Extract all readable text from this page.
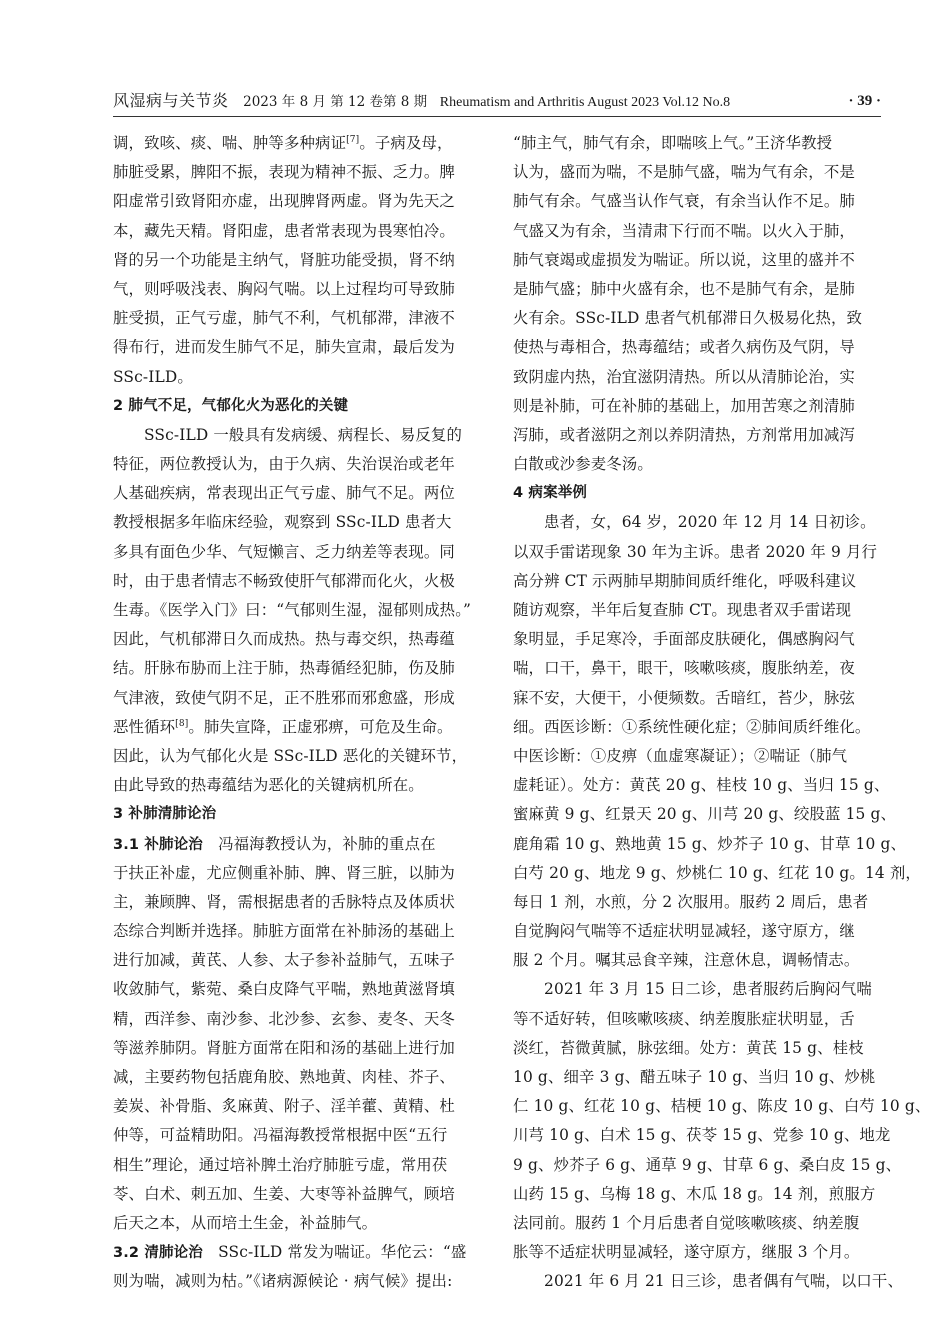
风湿病与关节炎 2023 年 8 月 第 12 卷第 8 期 Rheumatism and Arthritis August 2023 Vol.12 No.8	· 39 ·
调，致咳、痰、喘、肿等多种病证[7]。子病及母，
肺脏受累，脾阳不振，表现为精神不振、乏力。脾
阳虚常引致肾阳亦虚，出现脾肾两虚。肾为先天之
本，藏先天精。肾阳虚，患者常表现为畏寒怕冷。
肾的另一个功能是主纳气，肾脏功能受损，肾不纳
气，则呼吸浅表、胸闷气喘。以上过程均可导致肺
脏受损，正气亏虚，肺气不利，气机郁滞，津液不
得布行，进而发生肺气不足，肺失宣肃，最后发为
SSc-ILD。
2 肺气不足，气郁化火为恶化的关键
SSc-ILD 一般具有发病缓、病程长、易反复的
特征，两位教授认为，由于久病、失治误治或老年
人基础疾病，常表现出正气亏虚、肺气不足。两位
教授根据多年临床经验，观察到 SSc-ILD 患者大
多具有面色少华、气短懒言、乏力纳差等表现。同
时，由于患者情志不畅致使肝气郁滞而化火，火极
生毒。《医学入门》曰：“气郁则生湿，湿郁则成热。”
因此，气机郁滞日久而成热。热与毒交织，热毒蕴
结。肝脉布胁而上注于肺，热毒循经犯肺，伤及肺
气津液，致使气阴不足，正不胜邪而邪愈盛，形成
恶性循环[8]。肺失宣降，正虚邪痹，可危及生命。
因此，认为气郁化火是 SSc-ILD 恶化的关键环节，
由此导致的热毒蕴结为恶化的关键病机所在。
3 补肺清肺论治
3.1 补肺论治 冯福海教授认为，补肺的重点在
于扶正补虚，尤应侧重补肺、脾、肾三脏，以肺为
主，兼顾脾、肾，需根据患者的舌脉特点及体质状
态综合判断并选择。肺脏方面常在补肺汤的基础上
进行加减，黄芪、人参、太子参补益肺气，五味子
收敛肺气，紫菀、桑白皮降气平喘，熟地黄滋肾填
精，西洋参、南沙参、北沙参、玄参、麦冬、天冬
等滋养肺阴。肾脏方面常在阳和汤的基础上进行加
减，主要药物包括鹿角胶、熟地黄、肉桂、芥子、
姜炭、补骨脂、炙麻黄、附子、淫羊藿、黄精、杜
仲等，可益精助阳。冯福海教授常根据中医“五行
相生”理论，通过培补脾土治疗肺脏亏虚，常用茯
苓、白术、刺五加、生姜、大枣等补益脾气，顾培
后天之本，从而培土生金，补益肺气。
3.2 清肺论治 SSc-ILD 常发为喘证。华佗云：“盛
则为喘，减则为枯。”《诸病源候论 · 病气候》提出:
“肺主气，肺气有余，即喘咳上气。”王济华教授
认为，盛而为喘，不是肺气盛，喘为气有余，不是
肺气有余。气盛当认作气衰，有余当认作不足。肺
气盛又为有余，当清肃下行而不喘。以火入于肺，
肺气衰竭或虚损发为喘证。所以说，这里的盛并不
是肺气盛；肺中火盛有余，也不是肺气有余，是肺
火有余。SSc-ILD 患者气机郁滞日久极易化热，致
使热与毒相合，热毒蕴结；或者久病伤及气阴，导
致阴虚内热，治宜滋阴清热。所以从清肺论治，实
则是补肺，可在补肺的基础上，加用苦寒之剂清肺
泻肺，或者滋阴之剂以养阴清热，方剂常用加减泻
白散或沙参麦冬汤。
4 病案举例
患者，女，64 岁，2020 年 12 月 14 日初诊。
以双手雷诺现象 30 年为主诉。患者 2020 年 9 月行
高分辨 CT 示两肺早期肺间质纤维化，呼吸科建议
随访观察，半年后复查肺 CT。现患者双手雷诺现
象明显，手足寒冷，手面部皮肤硬化，偶感胸闷气
喘，口干，鼻干，眼干，咳嗽咳痰，腹胀纳差，夜
寐不安，大便干，小便频数。舌暗红，苔少，脉弦
细。西医诊断：①系统性硬化症；②肺间质纤维化。
中医诊断：①皮痹（血虚寒凝证）；②喘证（肺气
虚耗证）。处方：黄芪 20 g、桂枝 10 g、当归 15 g、
蜜麻黄 9 g、红景天 20 g、川芎 20 g、绞股蓝 15 g、
鹿角霜 10 g、熟地黄 15 g、炒芥子 10 g、甘草 10 g、
白芍 20 g、地龙 9 g、炒桃仁 10 g、红花 10 g。14 剂，
每日 1 剂，水煎，分 2 次服用。服药 2 周后，患者
自觉胸闷气喘等不适症状明显减轻，遂守原方，继
服 2 个月。嘱其忌食辛辣，注意休息，调畅情志。
2021 年 3 月 15 日二诊，患者服药后胸闷气喘
等不适好转，但咳嗽咳痰、纳差腹胀症状明显，舌
淡红，苔微黄腻，脉弦细。处方：黄芪 15 g、桂枝
10 g、细辛 3 g、醋五味子 10 g、当归 10 g、炒桃
仁 10 g、红花 10 g、桔梗 10 g、陈皮 10 g、白芍 10 g、
川芎 10 g、白术 15 g、茯苓 15 g、党参 10 g、地龙
9 g、炒芥子 6 g、通草 9 g、甘草 6 g、桑白皮 15 g、
山药 15 g、乌梅 18 g、木瓜 18 g。14 剂，煎服方
法同前。服药 1 个月后患者自觉咳嗽咳痰、纳差腹
胀等不适症状明显减轻，遂守原方，继服 3 个月。
2021 年 6 月 21 日三诊，患者偶有气喘，以口干、
